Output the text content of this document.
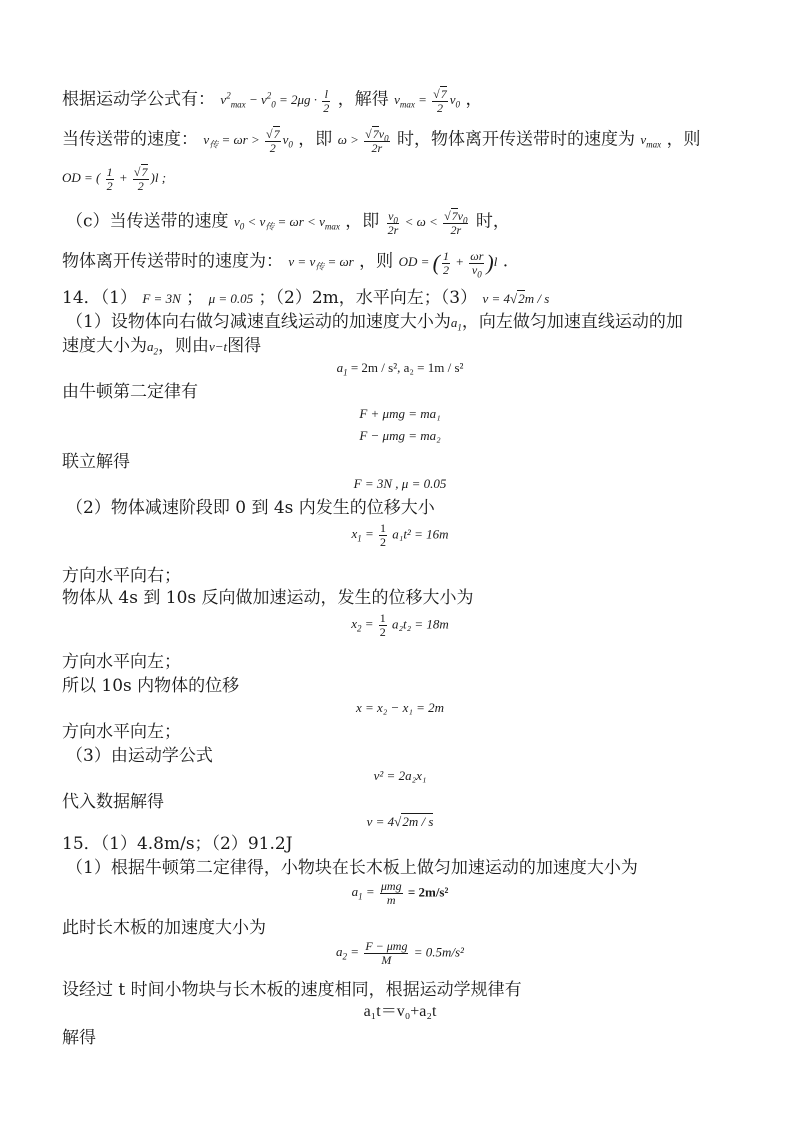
根据运动学公式有： $v^2_{max} - v^2_0 = 2\mu g \cdot \frac{l}{2}$ ，解得 $v_{max} = \frac{√7}{2} v_0$ ，
当传送带的速度： $v_传 = \omega r > \frac{√7}{2} v_0$ ，即 $\omega > \frac{√7v_0}{2r}$ 时，物体离开传送带时的速度为 $v_{max}$ ，则
OD = ( $\frac{1}{2} + \frac{√7}{2} )l$ ;
（c）当传送带的速度 $v_0 < v_传 = \omega r < v_{max}$ ，即 $\frac{v_0}{2r} < \omega < \frac{√7v_0}{2r}$ 时，
物体离开传送带时的速度为： $v = v_传 = \omega r$ ，则 OD = ( $\frac{1}{2} + \frac{\omega r}{v_0} )l$ .
14．（1） F = 3N ； μ = 0.05 ；（2）2m，水平向左；（3） v = 4√2m / s
（1）设物体向右做匀减速直线运动的加速度大小为$a_1$，向左做匀加速直线运动的加
速度大小为$a_2$，则由v−t图得
$a_1 = 2m / s^2$, a₂ = 1m / s²
由牛顿第二定律有
F + μmg = ma₁
F − μmg = ma₂
联立解得
F = 3N , μ = 0.05
（2）物体减速阶段即 0 到 4s 内发生的位移大小
$x_1 = \frac{1}{2} a_1t^2 = 16m$
方向水平向右；
物体从 4s 到 10s 反向做加速运动，发生的位移大小为
$x_2 = \frac{1}{2} a_2t_2 = 18m$
方向水平向左；
所以 10s 内物体的位移
x = x₂ − x₁ = 2m
方向水平向左；
（3）由运动学公式
v² = 2a₂x₁
代入数据解得
v = 4√2m / s
15．（1）4.8m/s；（2）91.2J
（1）根据牛顿第二定律得，小物块在长木板上做匀加速运动的加速度大小为
$a_1 = \frac{\text{μmg}}{m} = 2m/s^2$
此时长木板的加速度大小为
$a_2 = \frac{\text{F − μmg}}{M} = 0.5m/s^2$
设经过 t 时间小物块与长木板的速度相同，根据运动学规律有
a₁t＝v₀+a₂t
解得
